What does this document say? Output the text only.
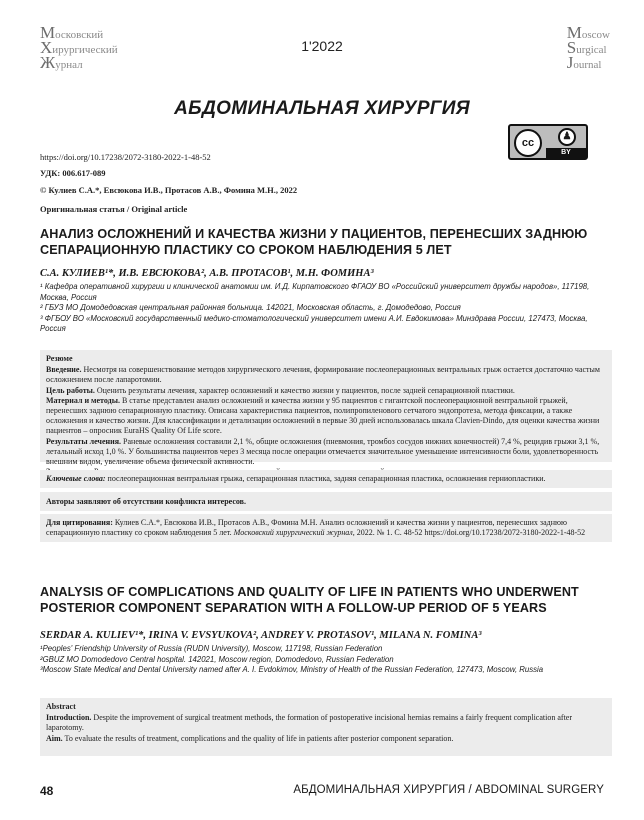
Московский
Хирургический
Журнал
1'2022
Moscow
Surgical
Journal
АБДОМИНАЛЬНАЯ ХИРУРГИЯ
cc
♟
BY
https://doi.org/10.17238/2072-3180-2022-1-48-52
УДК: 006.617-089
© Кулиев С.А.*, Евсюкова И.В., Протасов А.В., Фомина М.Н., 2022
Оригинальная статья / Original article
АНАЛИЗ ОСЛОЖНЕНИЙ И КАЧЕСТВА ЖИЗНИ У ПАЦИЕНТОВ, ПЕРЕНЕСШИХ ЗАДНЮЮ СЕПАРАЦИОННУЮ ПЛАСТИКУ СО СРОКОМ НАБЛЮДЕНИЯ 5 ЛЕТ
С.А. КУЛИЕВ¹*, И.В. ЕВСЮКОВА², А.В. ПРОТАСОВ¹, М.Н. ФОМИНА³
¹ Кафедра оперативной хирургии и клинической анатомии им. И.Д. Кирпатовского ФГАОУ ВО «Российский университет дружбы народов», 117198, Москва, Россия
² ГБУЗ МО Домодедовская центральная районная больница. 142021, Московская область, г. Домодедово, Россия
³ ФГБОУ ВО «Московский государственный медико-стоматологический университет имени А.И. Евдокимова» Минздрава России, 127473, Москва, Россия
Резюме
Введение. Несмотря на совершенствование методов хирургического лечения, формирование послеоперационных вентральных грыж остается достаточно частым осложнением после лапаротомии.
Цель работы. Оценить результаты лечения, характер осложнений и качество жизни у пациентов, после задней сепарационной пластики.
Материал и методы. В статье представлен анализ осложнений и качества жизни у 95 пациентов с гигантской послеоперационной вентральной грыжей, перенесших заднюю сепарационную пластику. Описана характеристика пациентов, полипропиленового сетчатого эндопротеза, метода фиксации, а также осложнения и качество жизни. Для классификации и детализации осложнений в первые 30 дней использовалась шкала Clavien-Dindo, для оценки качества жизни пациентов – опросник EuraHS Quality Of Life score.
Результаты лечения. Раневые осложнения составили 2,1 %, общие осложнения (пневмония, тромбоз сосудов нижних конечностей) 7,4 %, рецидив грыжи 3,1 %, летальный исход 1,0 %. У большинства пациентов через 3 месяца после операции отмечается значительное уменьшение интенсивности боли, удовлетворенность внешним видом, увеличение объема физической активности.
Ключевые слова: послеоперационная вентральная грыжа, сепарационная пластика, задняя сепарационная пластика, осложнения герниопластики.
Авторы заявляют об отсутствии конфликта интересов.
Для цитирования: Кулиев С.А.*, Евсюкова И.В., Протасов А.В., Фомина М.Н. Анализ осложнений и качества жизни у пациентов, перенесших заднюю сепарационную пластику со сроком наблюдения 5 лет. Московский хирургический журнал, 2022. № 1. С. 48-52 https://doi.org/10.17238/2072-3180-2022-1-48-52
ANALYSIS OF COMPLICATIONS AND QUALITY OF LIFE IN PATIENTS WHO UNDERWENT POSTERIOR COMPONENT SEPARATION WITH A FOLLOW-UP PERIOD OF 5 YEARS
SERDAR A. KULIEV¹*, IRINA V. EVSYUKOVA², ANDREY V. PROTASOV¹, MILANA N. FOMINA³
¹Peoples' Friendship University of Russia (RUDN University), Moscow, 117198, Russian Federation
²GBUZ MO Domodedovo Central hospital. 142021, Moscow region, Domodedovo, Russian Federation
³Moscow State Medical and Dental University named after A. I. Evdokimov, Ministry of Health of the Russian Federation, 127473, Moscow, Russia
Abstract
Introduction. Despite the improvement of surgical treatment methods, the formation of postoperative incisional hernias remains a fairly frequent complication after laparotomy.
Aim. To evaluate the results of treatment, complications and the quality of life in patients after posterior component separation.
48	АБДОМИНАЛЬНАЯ ХИРУРГИЯ / ABDOMINAL SURGERY
